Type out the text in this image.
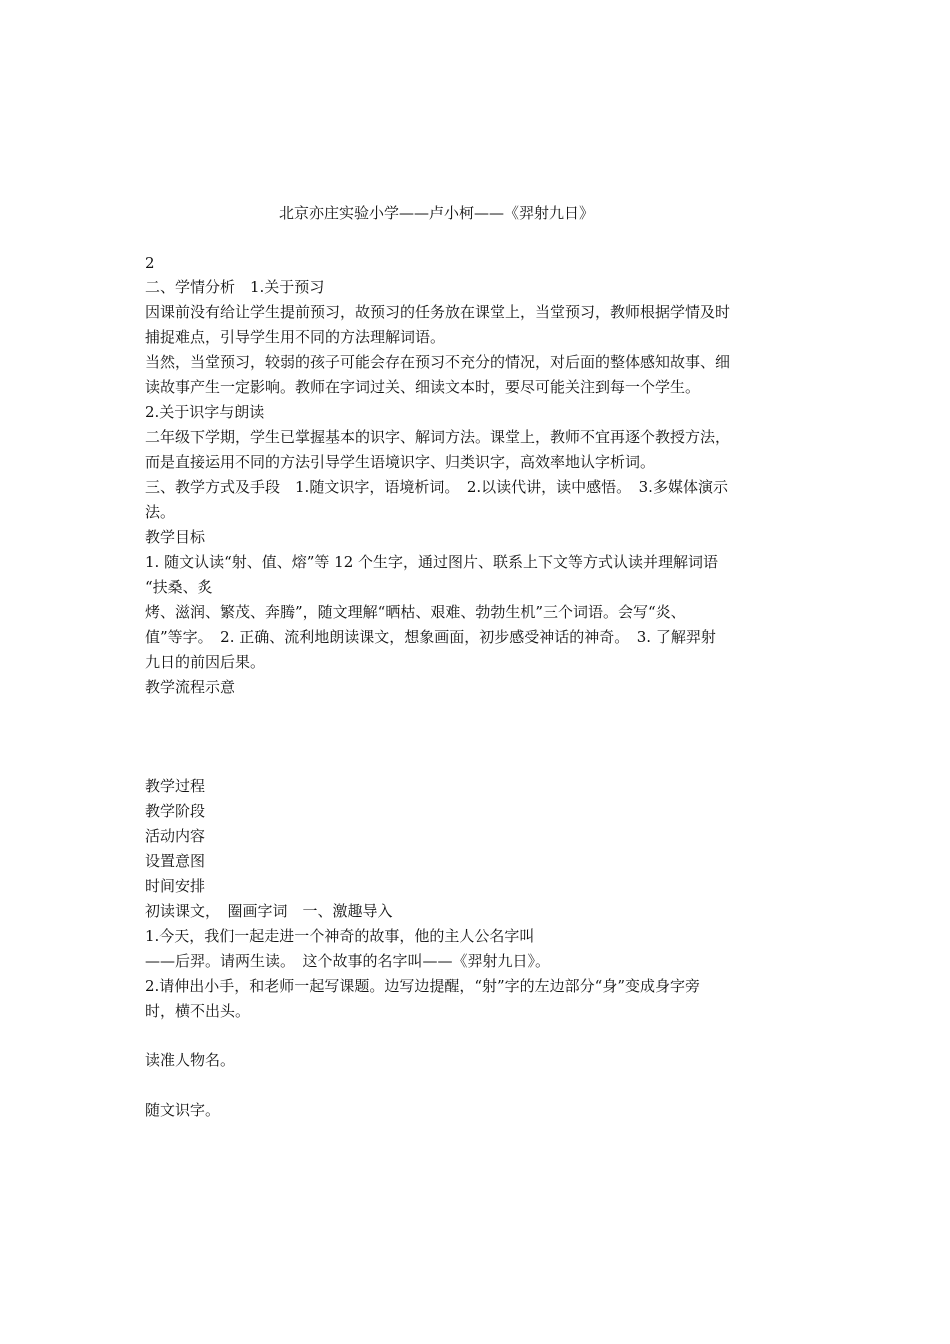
北京亦庄实验小学——卢小柯——《羿射九日》
2
二、学情分析　1.关于预习
因课前没有给让学生提前预习，故预习的任务放在课堂上，当堂预习，教师根据学情及时
捕捉难点，引导学生用不同的方法理解词语。
当然，当堂预习，较弱的孩子可能会存在预习不充分的情况，对后面的整体感知故事、细
读故事产生一定影响。教师在字词过关、细读文本时，要尽可能关注到每一个学生。
2.关于识字与朗读
二年级下学期，学生已掌握基本的识字、解词方法。课堂上，教师不宜再逐个教授方法，
而是直接运用不同的方法引导学生语境识字、归类识字，高效率地认字析词。
三、教学方式及手段　1.随文识字，语境析词。　2.以读代讲，读中感悟。　3.多媒体演示
法。
教学目标
1. 随文认读“射、值、熔”等 12 个生字，通过图片、联系上下文等方式认读并理解词语
“扶桑、炙
烤、滋润、繁茂、奔腾”，随文理解“晒枯、艰难、勃勃生机”三个词语。会写“炎、
值”等字。　2. 正确、流利地朗读课文，想象画面，初步感受神话的神奇。　3. 了解羿射
九日的前因后果。
教学流程示意
教学过程
教学阶段
活动内容
设置意图
时间安排
初读课文，　圈画字词　一、激趣导入
1.今天，我们一起走进一个神奇的故事，他的主人公名字叫
——后羿。请两生读。　这个故事的名字叫——《羿射九日》。
2.请伸出小手，和老师一起写课题。边写边提醒，“射”字的左边部分“身”变成身字旁
时，横不出头。
读准人物名。
随文识字。
